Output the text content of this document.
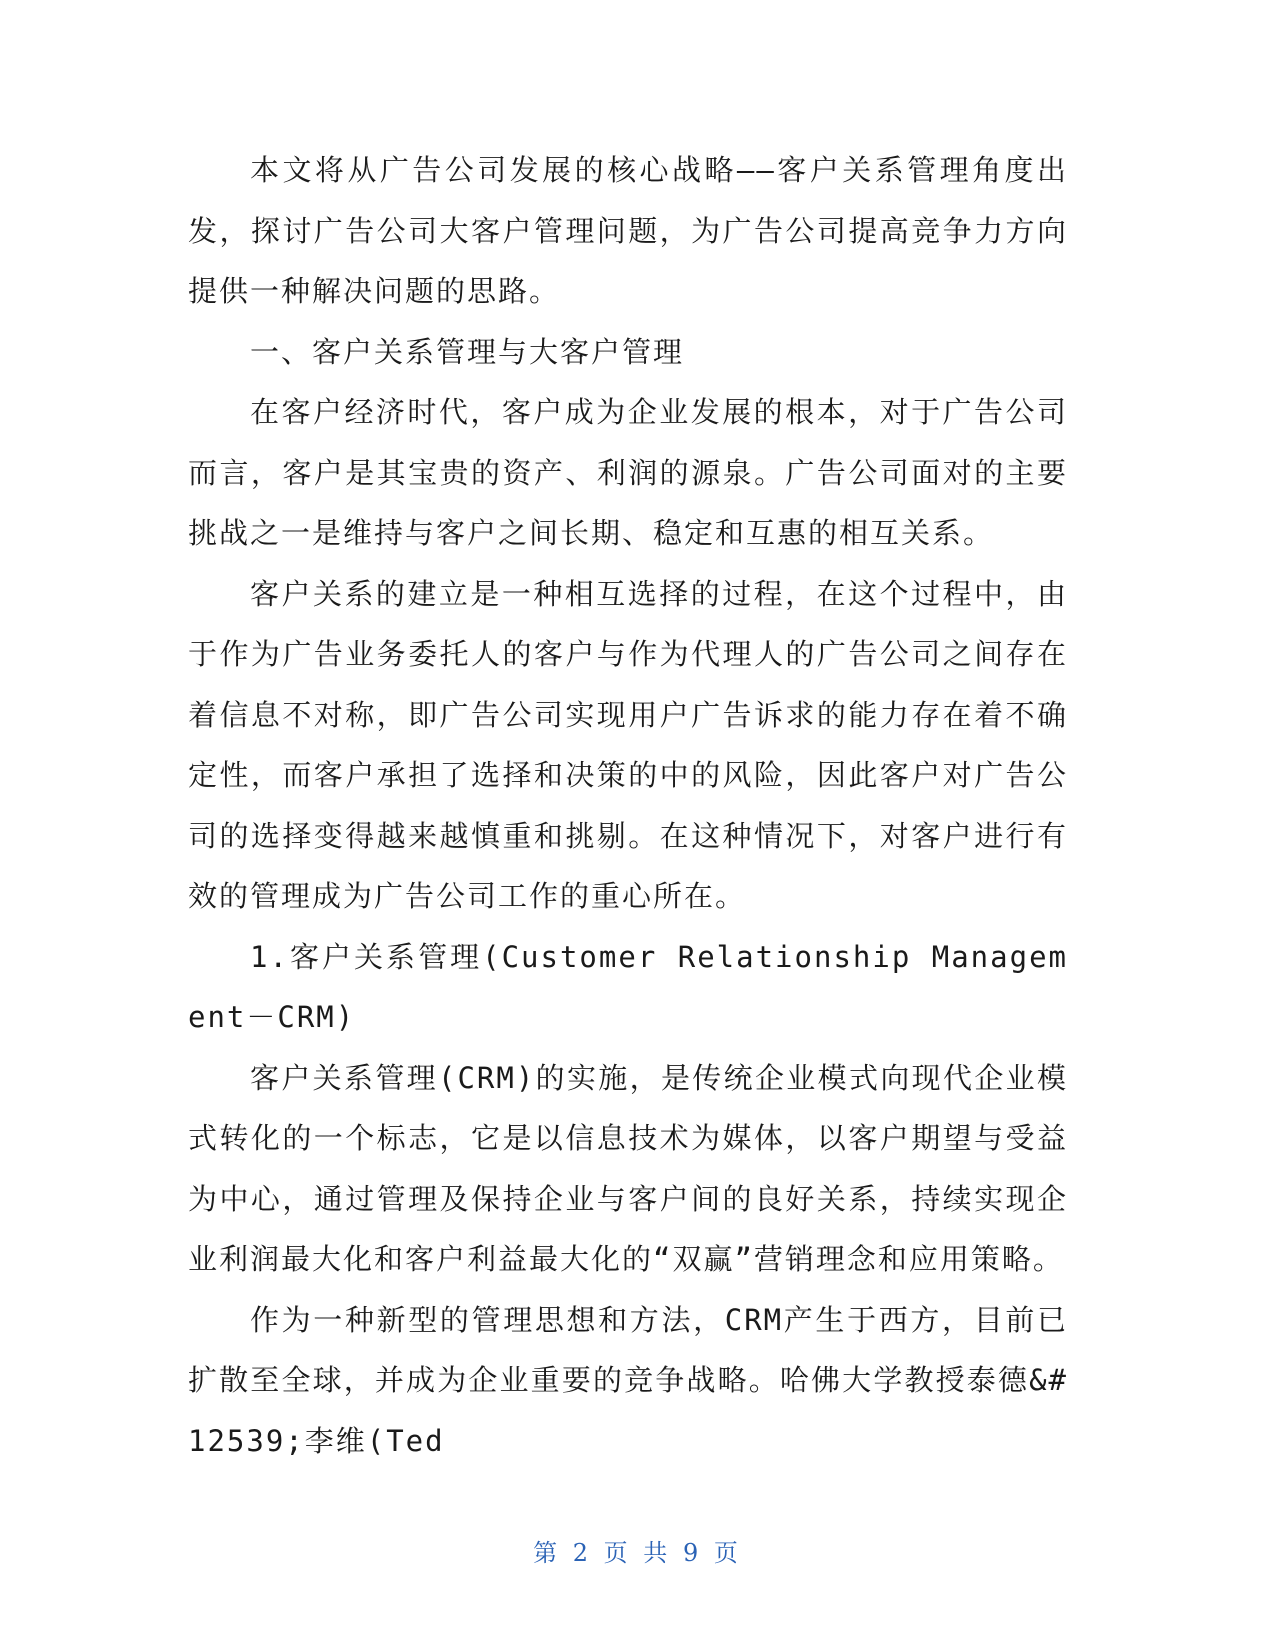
本文将从广告公司发展的核心战略——客户关系管理角度出发，探讨广告公司大客户管理问题，为广告公司提高竞争力方向提供一种解决问题的思路。

一、客户关系管理与大客户管理

在客户经济时代，客户成为企业发展的根本，对于广告公司而言，客户是其宝贵的资产、利润的源泉。广告公司面对的主要挑战之一是维持与客户之间长期、稳定和互惠的相互关系。

客户关系的建立是一种相互选择的过程，在这个过程中，由于作为广告业务委托人的客户与作为代理人的广告公司之间存在着信息不对称，即广告公司实现用户广告诉求的能力存在着不确定性，而客户承担了选择和决策的中的风险，因此客户对广告公司的选择变得越来越慎重和挑剔。在这种情况下，对客户进行有效的管理成为广告公司工作的重心所在。

1.客户关系管理(Customer Relationship Management－CRM)

客户关系管理(CRM)的实施，是传统企业模式向现代企业模式转化的一个标志，它是以信息技术为媒体，以客户期望与受益为中心，通过管理及保持企业与客户间的良好关系，持续实现企业利润最大化和客户利益最大化的“双赢”营销理念和应用策略。

作为一种新型的管理思想和方法，CRM产生于西方，目前已扩散至全球，并成为企业重要的竞争战略。哈佛大学教授泰德&#12539;李维(Ted

第 2 页 共 9 页
